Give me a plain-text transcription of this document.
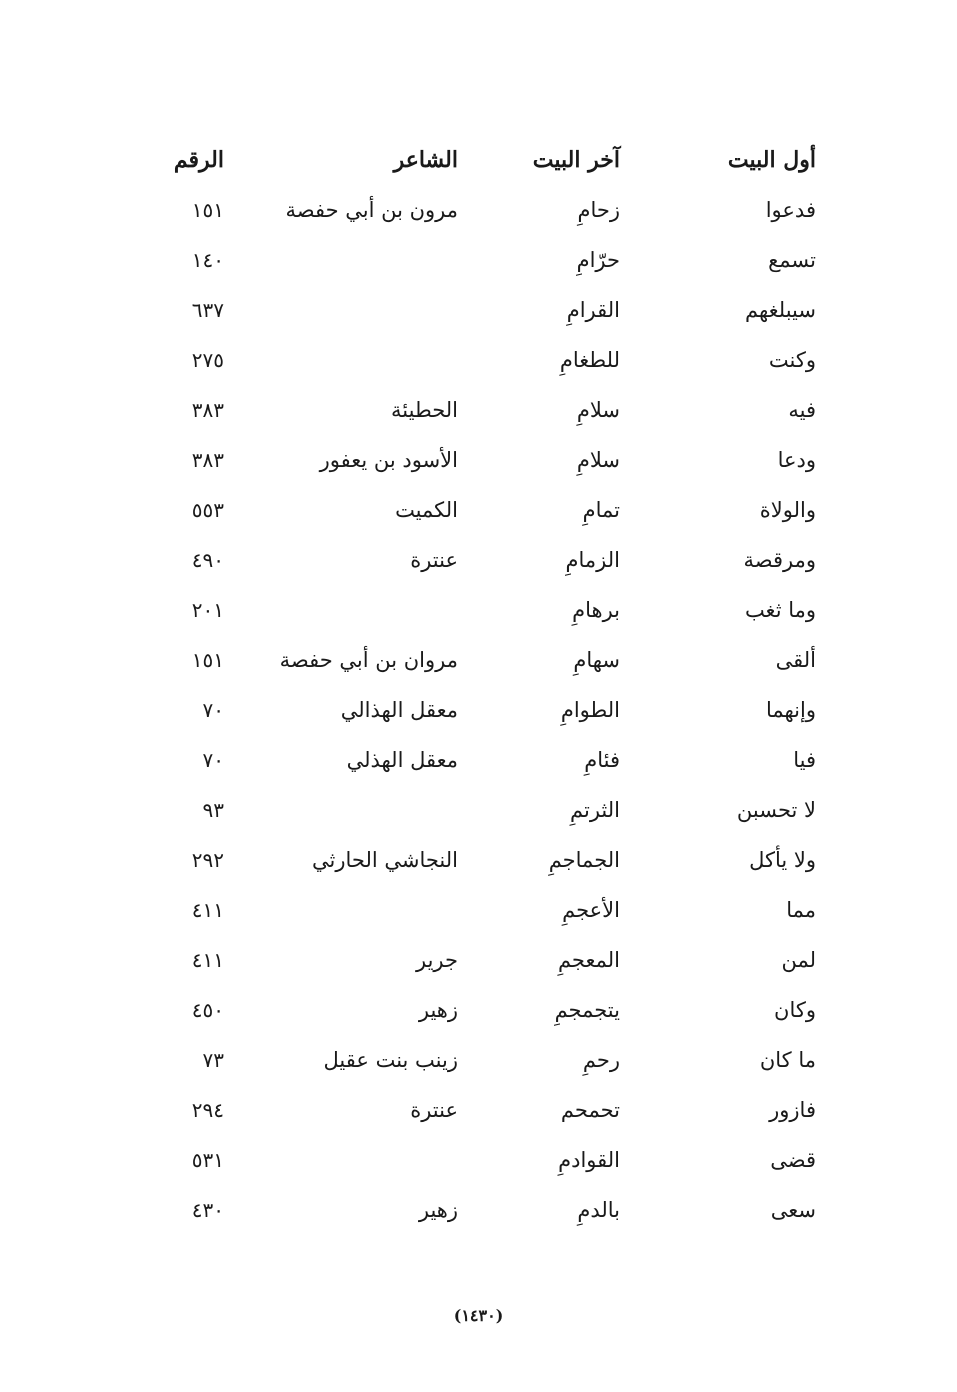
أول البيت
آخر البيت
الشاعر
الرقم
فدعوا
زحامِ
مرون بن أبي حفصة
١٥١
تسمع
حرّامِ
١٤٠
سيبلغهم
القرامِ
٦٣٧
وكنت
للطغامِ
٢٧٥
فيه
سلامِ
الحطيئة
٣٨٣
ودعا
سلامِ
الأسود بن يعفور
٣٨٣
والولاة
تمامِ
الكميت
٥٥٣
ومرقصة
الزمامِ
عنترة
٤٩٠
وما ثغب
برهامِ
٢٠١
ألقى
سهامِ
مروان بن أبي حفصة
١٥١
وإنهما
الطوامِ
معقل الهذالي
٧٠
فيا
فئامِ
معقل الهذلي
٧٠
لا تحسبن
الثرتمِ
٩٣
ولا يأكل
الجماجمِ
النجاشي الحارثي
٢٩٢
مما
الأعجمِ
٤١١
لمن
المعجمِ
جرير
٤١١
وكان
يتجمجمِ
زهير
٤٥٠
ما كان
رحمِ
زينب بنت عقيل
٧٣
فازور
تحمحم
عنترة
٢٩٤
قضى
القوادمِ
٥٣١
سعى
بالدمِ
زهير
٤٣٠
(١٤٣٠)
